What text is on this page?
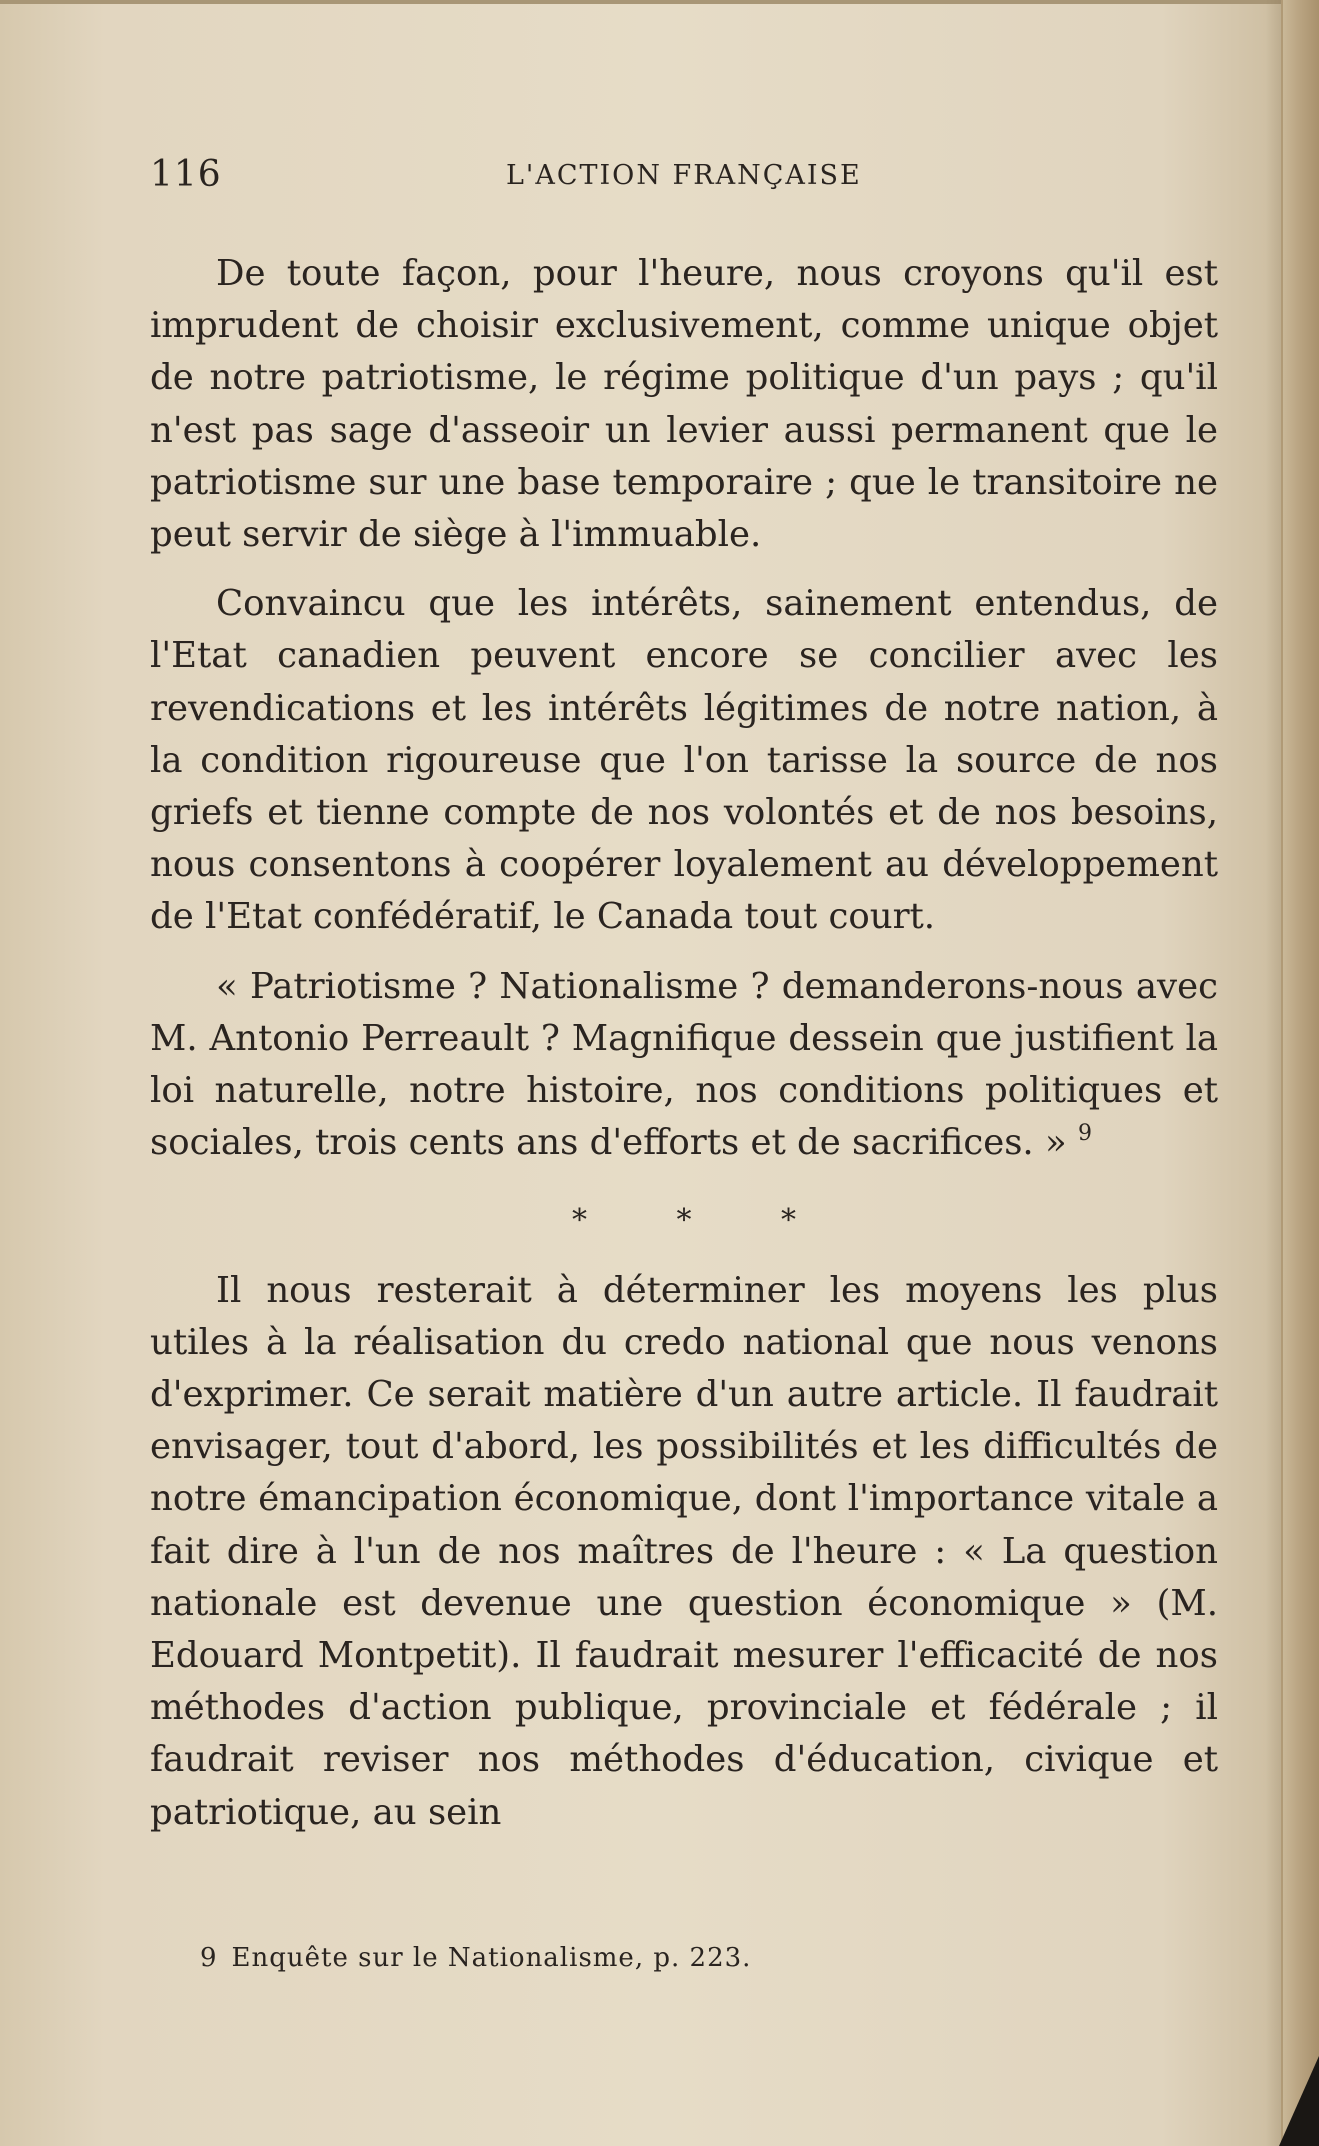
116	L'ACTION FRANÇAISE

De toute façon, pour l'heure, nous croyons qu'il est imprudent de choisir exclusivement, comme unique objet de notre patriotisme, le régime politique d'un pays ; qu'il n'est pas sage d'asseoir un levier aussi permanent que le patriotisme sur une base temporaire ; que le transitoire ne peut servir de siège à l'immuable.

Convaincu que les intérêts, sainement entendus, de l'Etat canadien peuvent encore se concilier avec les revendications et les intérêts légitimes de notre nation, à la condition rigoureuse que l'on tarisse la source de nos griefs et tienne compte de nos volontés et de nos besoins, nous consentons à coopérer loyalement au développement de l'Etat confédératif, le Canada tout court.

« Patriotisme ? Nationalisme ? demanderons-nous avec M. Antonio Perreault ? Magnifique dessein que justifient la loi naturelle, notre histoire, nos conditions politiques et sociales, trois cents ans d'efforts et de sacrifices. » $^9$

* * *

Il nous resterait à déterminer les moyens les plus utiles à la réalisation du credo national que nous venons d'exprimer. Ce serait matière d'un autre article. Il faudrait envisager, tout d'abord, les possibilités et les difficultés de notre émancipation économique, dont l'importance vitale a fait dire à l'un de nos maîtres de l'heure : « La question nationale est devenue une question économique » (M. Edouard Montpetit). Il faudrait mesurer l'efficacité de nos méthodes d'action publique, provinciale et fédérale ; il faudrait reviser nos méthodes d'éducation, civique et patriotique, au sein

9 Enquête sur le Nationalisme, p. 223.
